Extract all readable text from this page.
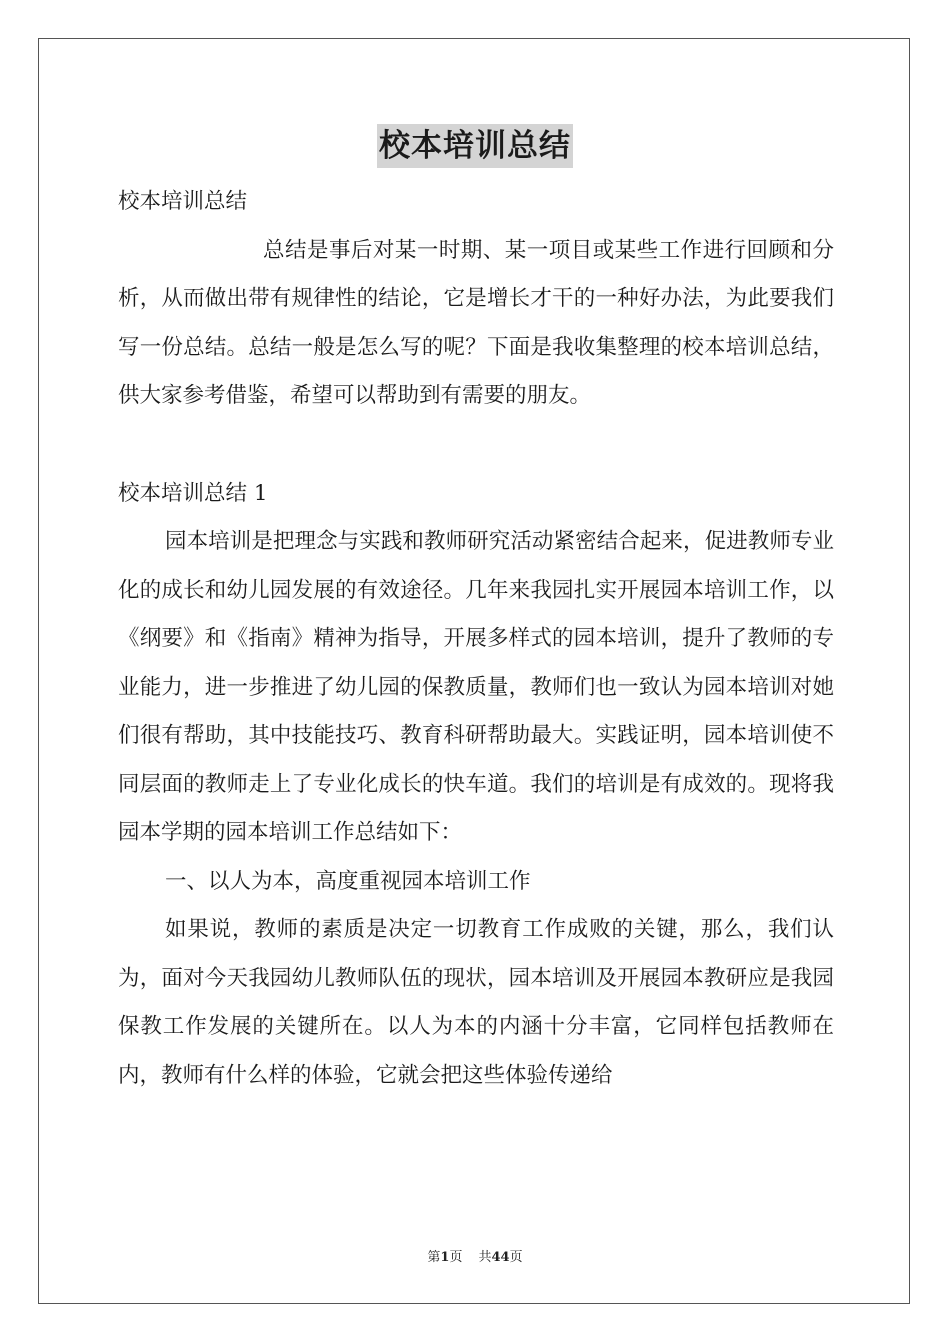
校本培训总结

校本培训总结

总结是事后对某一时期、某一项目或某些工作进行回顾和分析，从而做出带有规律性的结论，它是增长才干的一种好办法，为此要我们写一份总结。总结一般是怎么写的呢？下面是我收集整理的校本培训总结，供大家参考借鉴，希望可以帮助到有需要的朋友。

校本培训总结 1

园本培训是把理念与实践和教师研究活动紧密结合起来，促进教师专业化的成长和幼儿园发展的有效途径。几年来我园扎实开展园本培训工作，以《纲要》和《指南》精神为指导，开展多样式的园本培训，提升了教师的专业能力，进一步推进了幼儿园的保教质量，教师们也一致认为园本培训对她们很有帮助，其中技能技巧、教育科研帮助最大。实践证明，园本培训使不同层面的教师走上了专业化成长的快车道。我们的培训是有成效的。现将我园本学期的园本培训工作总结如下：

一、以人为本，高度重视园本培训工作

如果说，教师的素质是决定一切教育工作成败的关键，那么，我们认为，面对今天我园幼儿教师队伍的现状，园本培训及开展园本教研应是我园保教工作发展的关键所在。以人为本的内涵十分丰富，它同样包括教师在内，教师有什么样的体验，它就会把这些体验传递给

第1页 共44页
